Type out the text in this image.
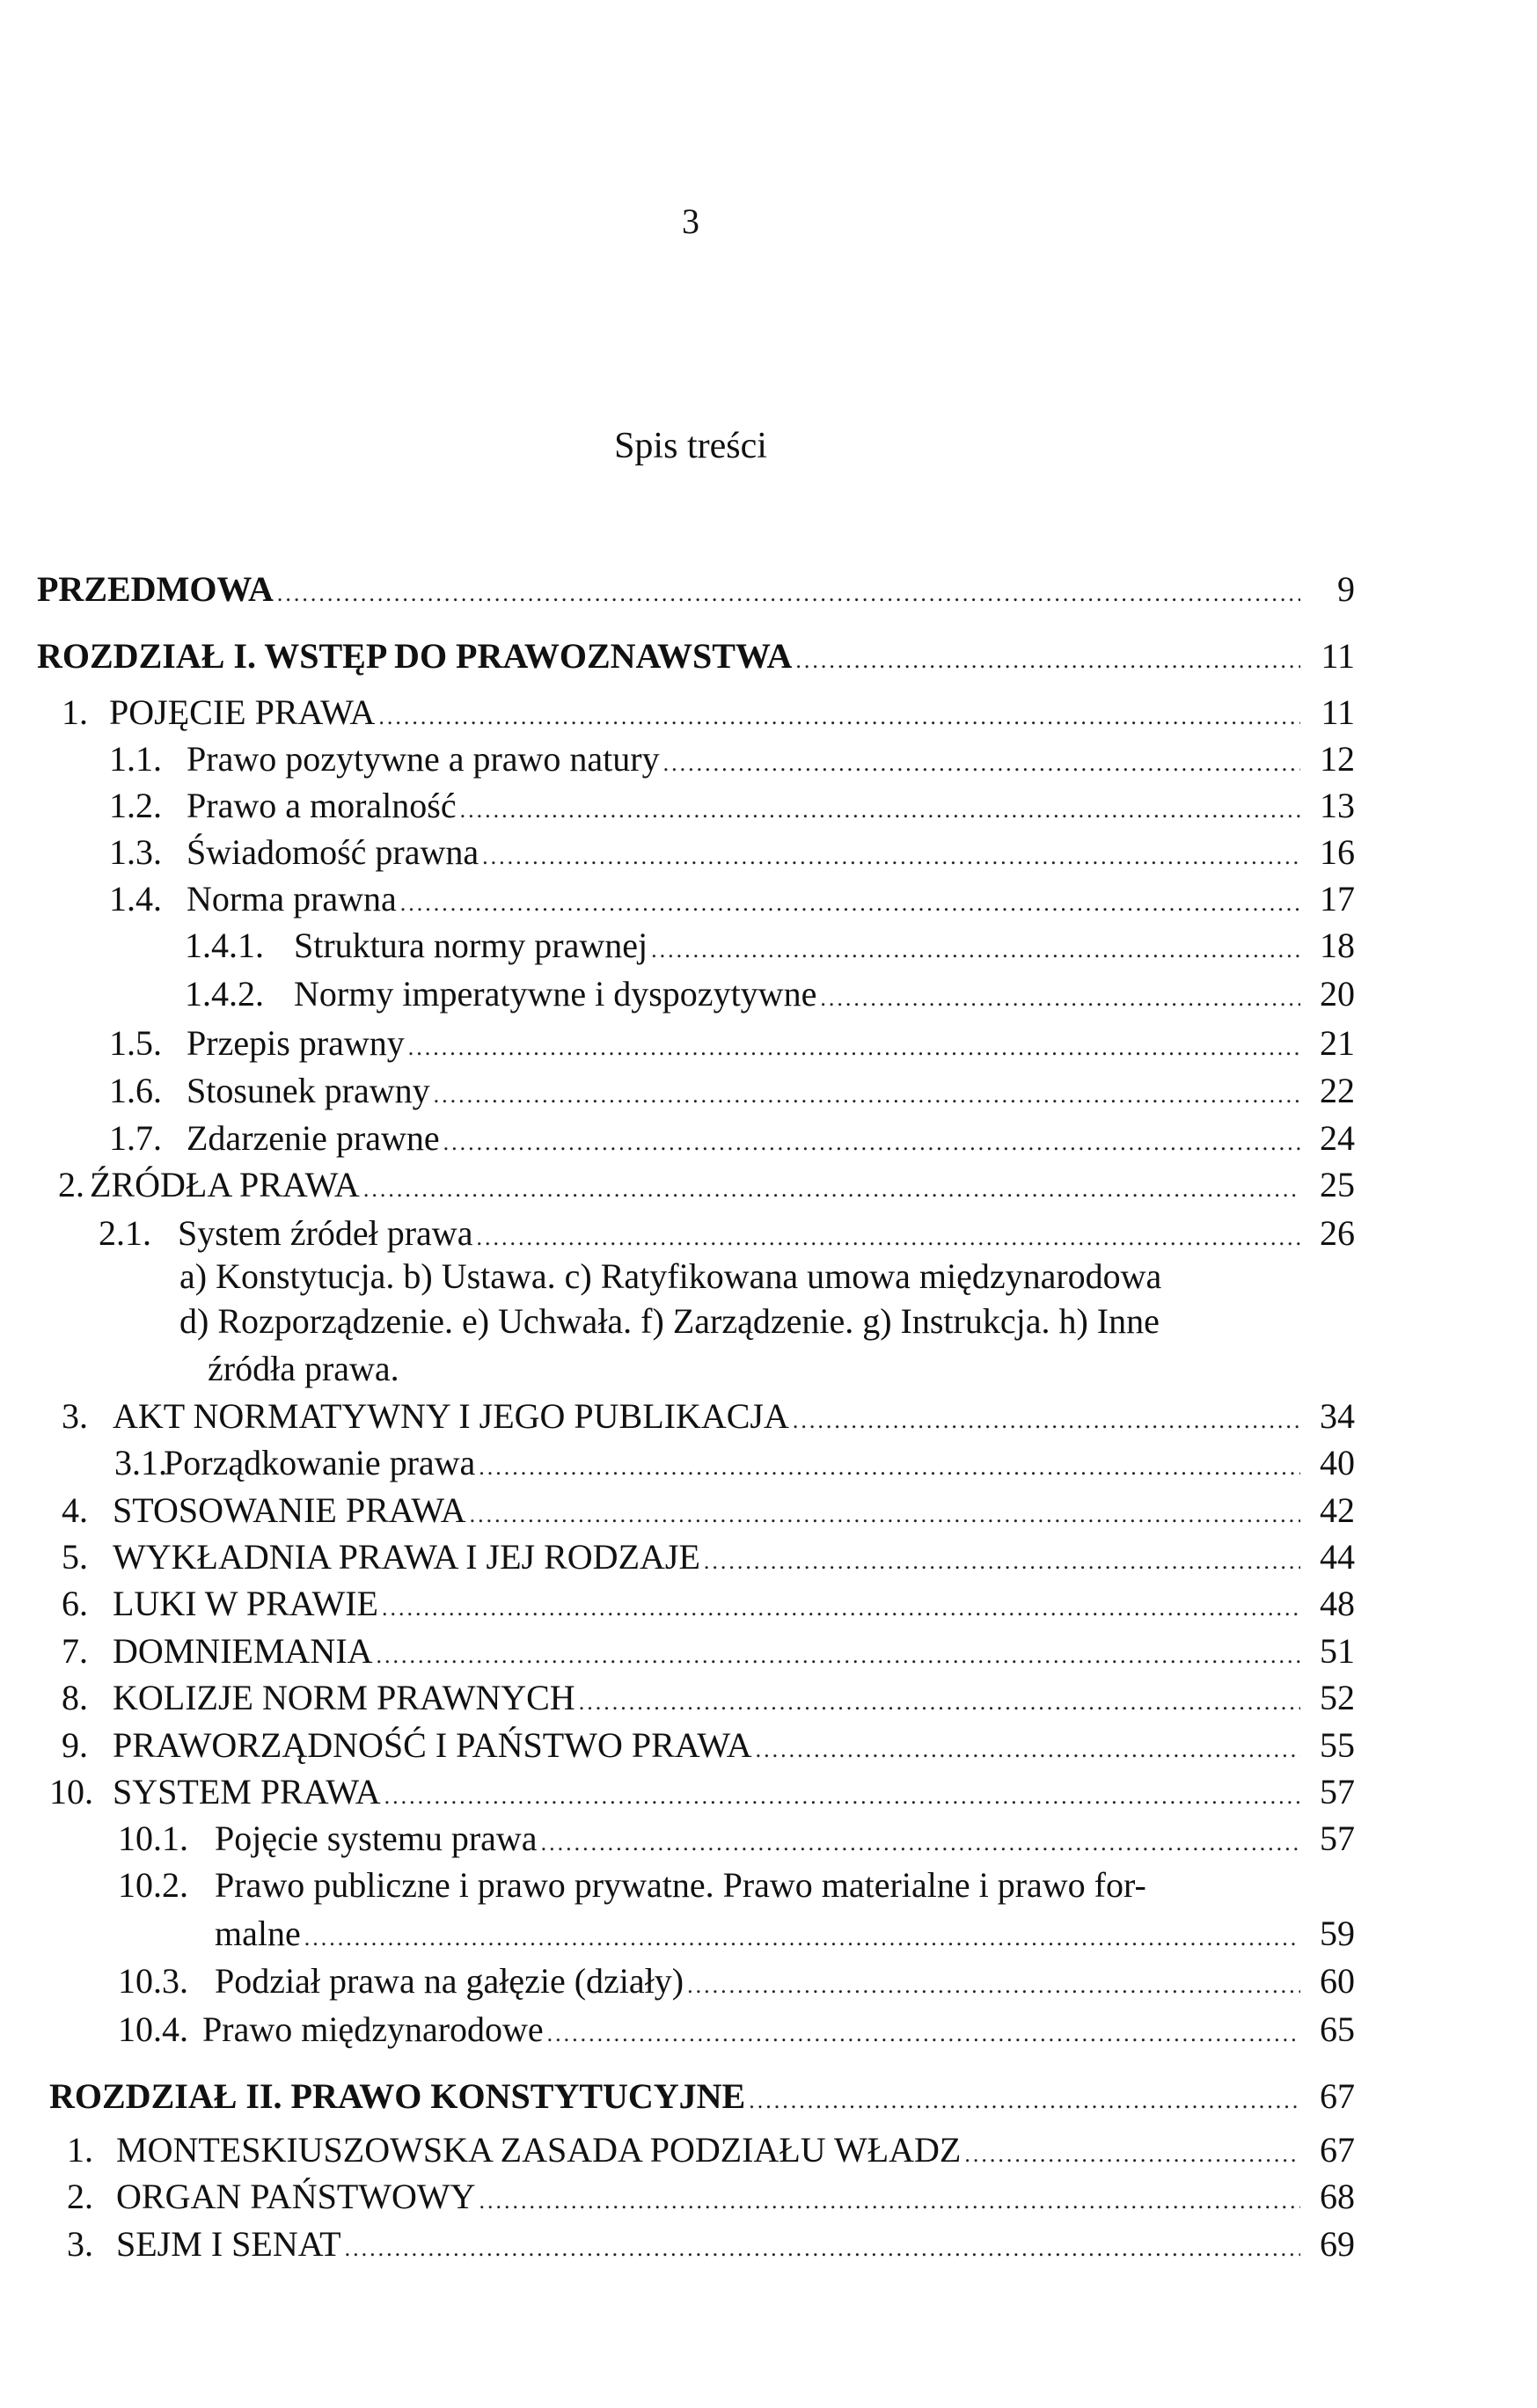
3
Spis treści
PRZEDMOWA .....	9
ROZDZIAŁ I. WSTĘP DO PRAWOZNAWSTWA .....	11
1. POJĘCIE PRAWA .....	11
1.1. Prawo pozytywne a prawo natury .....	12
1.2. Prawo a moralność .....	13
1.3. Świadomość prawna .....	16
1.4. Norma prawna .....	17
1.4.1. Struktura normy prawnej .....	18
1.4.2. Normy imperatywne i dyspozytywne .....	20
1.5. Przepis prawny .....	21
1.6. Stosunek prawny .....	22
1.7. Zdarzenie prawne .....	24
2. ŹRÓDŁA PRAWA .....	25
2.1. System źródeł prawa .....	26
a) Konstytucja. b) Ustawa. c) Ratyfikowana umowa międzynarodowa
d) Rozporządzenie. e) Uchwała. f) Zarządzenie. g) Instrukcja. h) Inne
źródła prawa.
3. AKT NORMATYWNY I JEGO PUBLIKACJA .....	34
3.1.
Porządkowanie prawa .....	40
4. STOSOWANIE PRAWA .....	42
5. WYKŁADNIA PRAWA I JEJ RODZAJE .....	44
6. LUKI W PRAWIE .....	48
7. DOMNIEMANIA .....	51
8. KOLIZJE NORM PRAWNYCH .....	52
9. PRAWORZĄDNOŚĆ I PAŃSTWO PRAWA .....	55
10. SYSTEM PRAWA .....	57
10.1. Pojęcie systemu prawa .....	57
10.2. Prawo publiczne i prawo prywatne. Prawo materialne i prawo for-
malne .....	59
10.3. Podział prawa na gałęzie (działy) .....	60
10.4. Prawo międzynarodowe .....	65
ROZDZIAŁ II. PRAWO KONSTYTUCYJNE .....	67
1. MONTESKIUSZOWSKA ZASADA PODZIAŁU WŁADZ .....	67
2. ORGAN PAŃSTWOWY .....	68
3. SEJM I SENAT .....	69
